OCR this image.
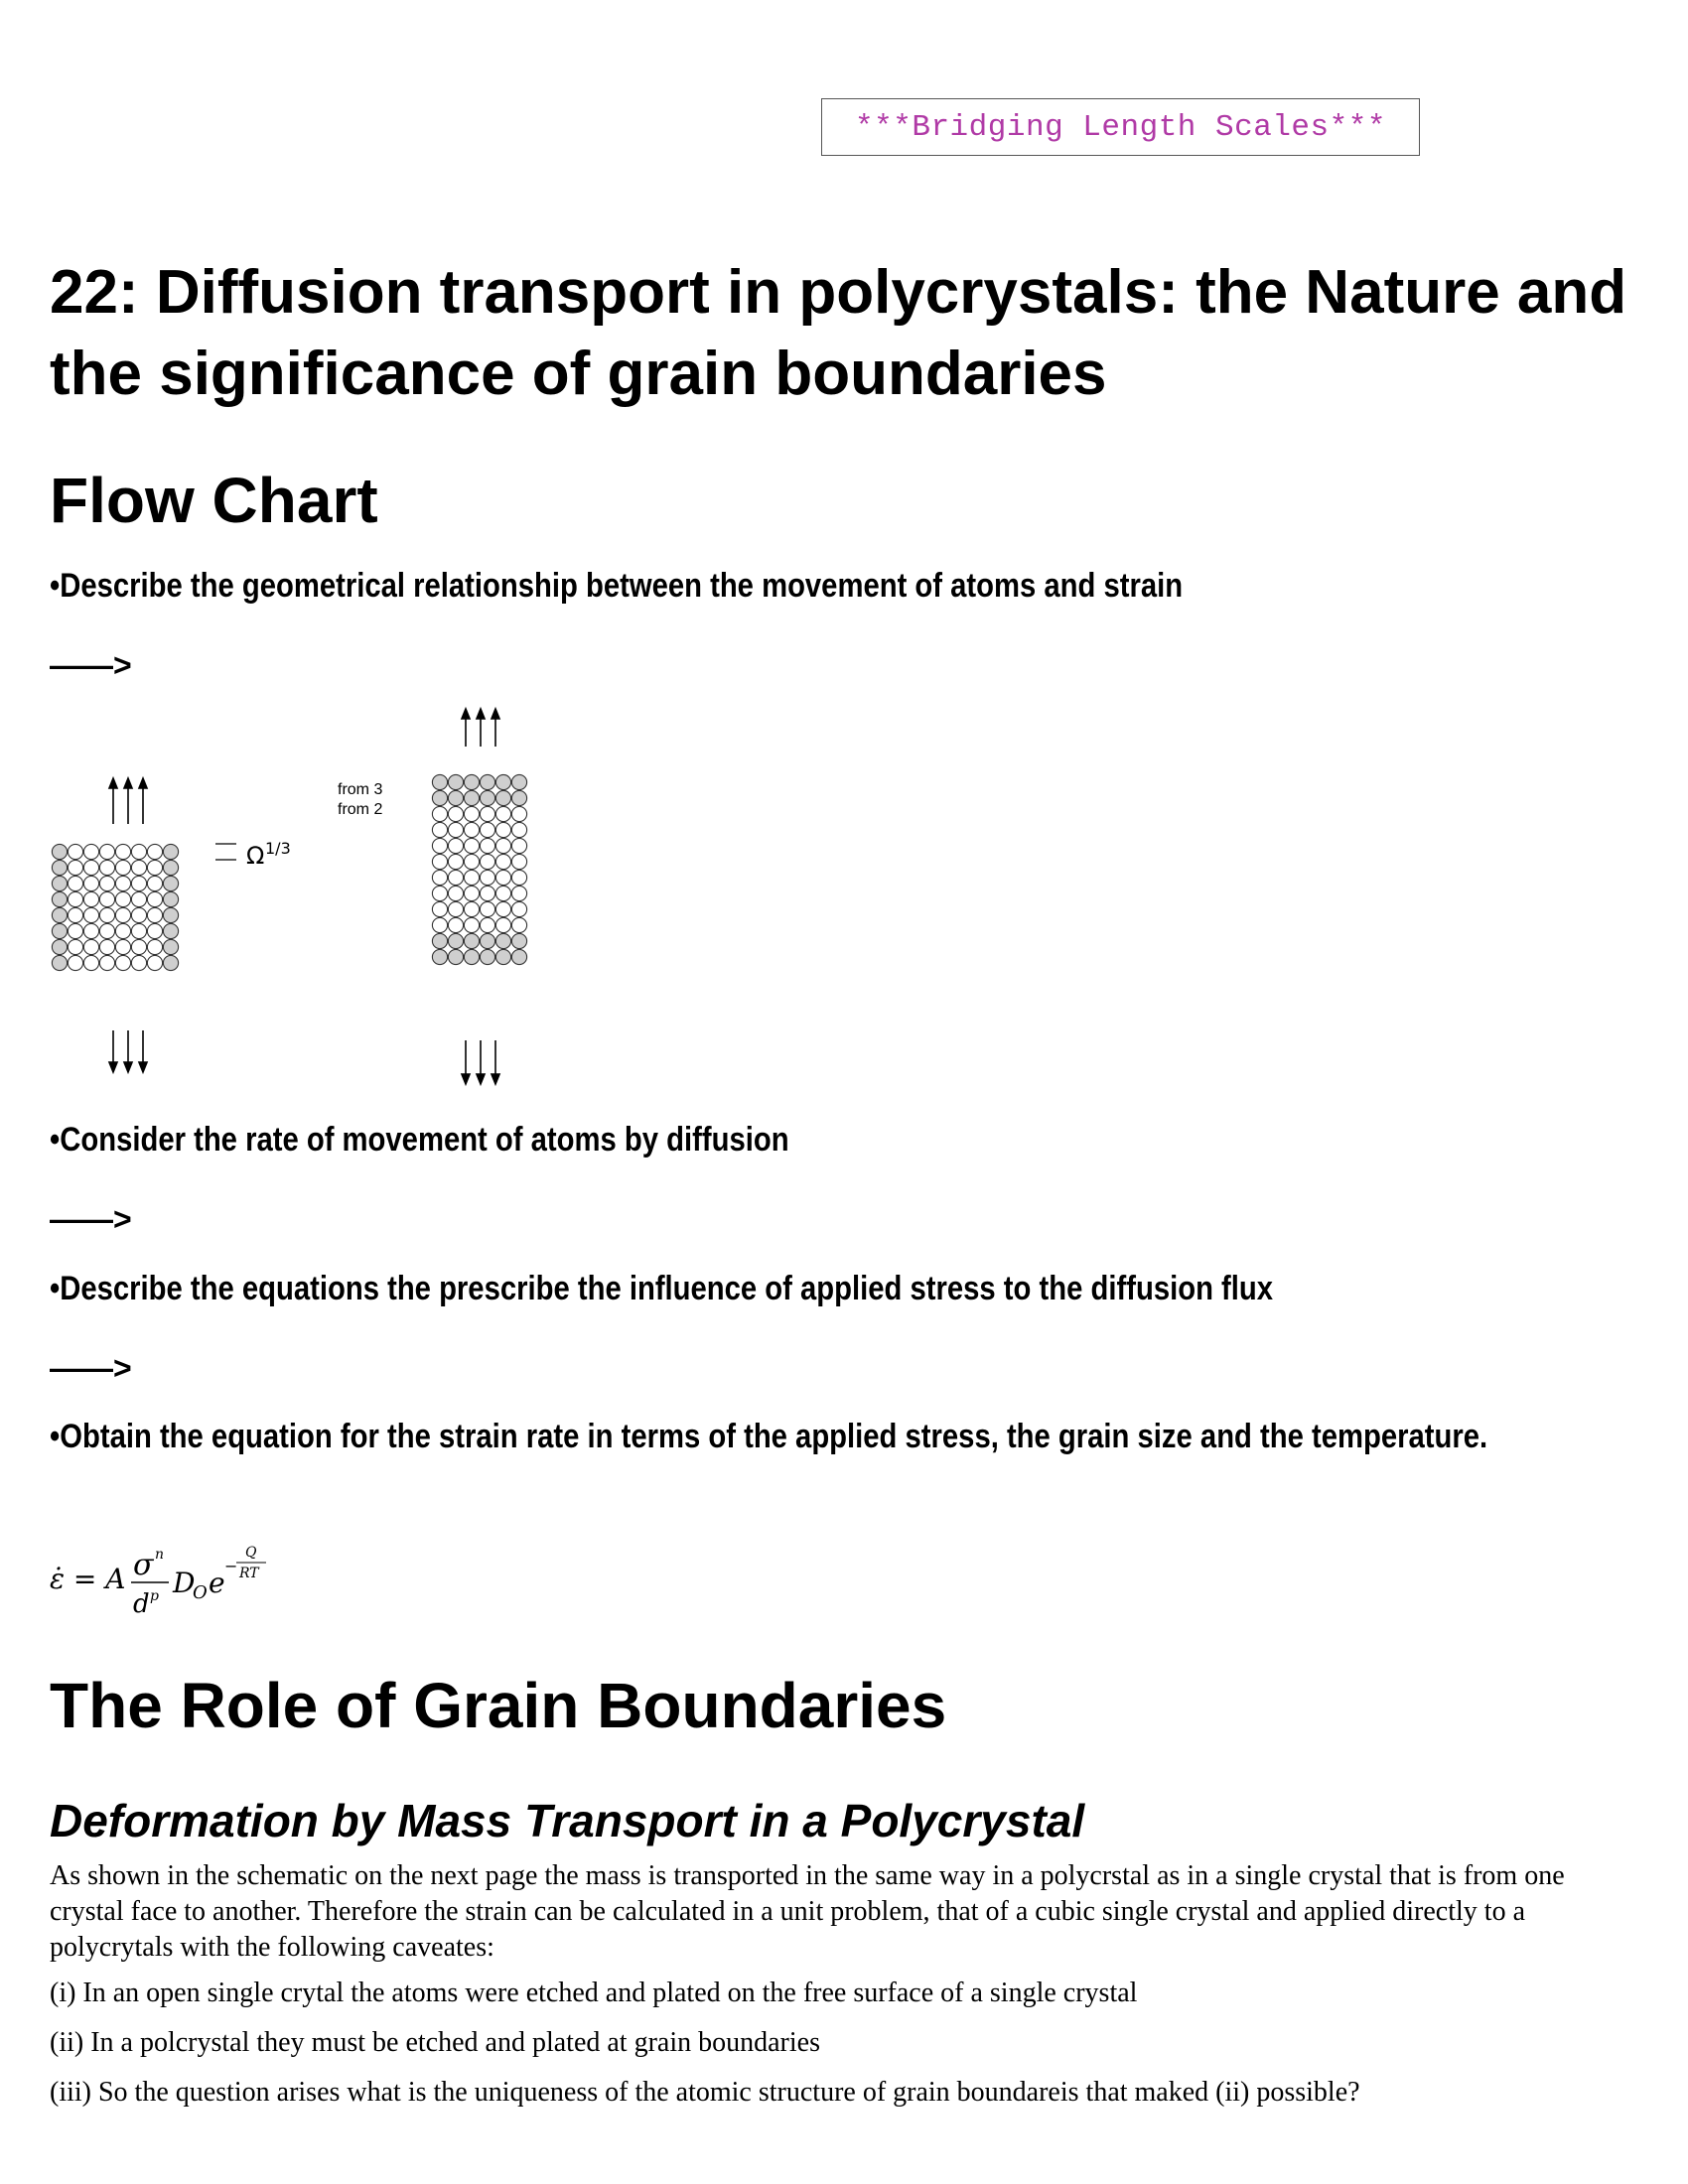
***Bridging Length Scales***
22: Diffusion transport in polycrystals: the Nature and the significance of grain boundaries
Flow Chart

•Describe the geometrical relationship between the movement of atoms and strain

——>

Ω 1/3
from 3
from 2

•Consider the rate of movement of atoms by diffusion

——>

•Describe the equations the prescribe the influence of applied stress to the diffusion flux

——>

•Obtain the equation for the strain rate in terms of the applied stress, the grain size and the temperature.

ε̇ = A σ n
d p D
O e
−
Q
RT
The Role of Grain Boundaries
Deformation by Mass Transport in a Polycrystal

As shown in the schematic on the next page the mass is transported in the same way in a polycrstal as in a single crystal that is from one crystal face to another. Therefore the strain can be calculated in a unit problem, that of a cubic single crystal and applied directly to a polycrytals with the following caveates:

(i) In an open single crytal the atoms were etched and plated on the free surface of a single crystal

(ii) In a polcrystal they must be etched and plated at grain boundaries

(iii) So the question arises what is the uniqueness of the atomic structure of grain boundareis that maked (ii) possible?
